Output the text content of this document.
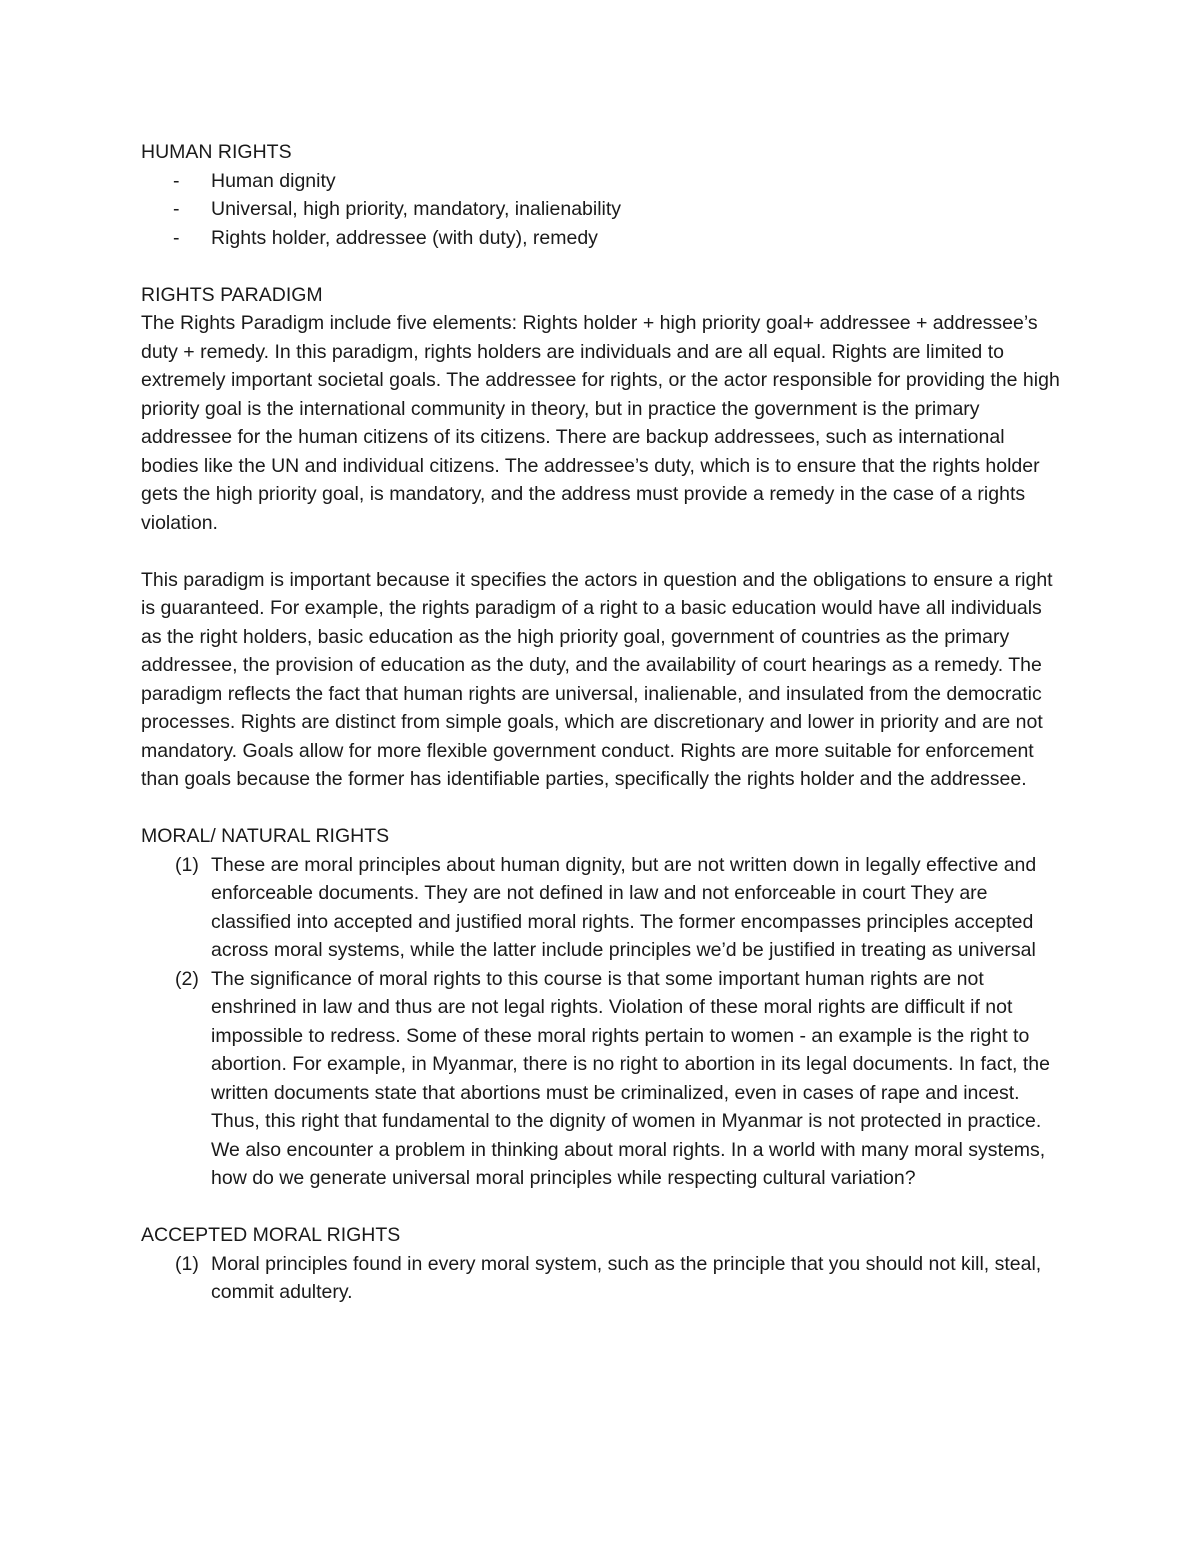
HUMAN RIGHTS

- Human dignity
- Universal, high priority, mandatory, inalienability
- Rights holder, addressee (with duty), remedy

RIGHTS PARADIGM

The Rights Paradigm include five elements: Rights holder + high priority goal+ addressee + addressee’s duty + remedy. In this paradigm, rights holders are individuals and are all equal. Rights are limited to extremely important societal goals. The addressee for rights, or the actor responsible for providing the high priority goal is the international community in theory, but in practice the government is the primary addressee for the human citizens of its citizens. There are backup addressees, such as international bodies like the UN and individual citizens. The addressee’s duty, which is to ensure that the rights holder gets the high priority goal, is mandatory, and the address must provide a remedy in the case of a rights violation.

This paradigm is important because it specifies the actors in question and the obligations to ensure a right is guaranteed. For example, the rights paradigm of a right to a basic education would have all individuals as the right holders, basic education as the high priority goal, government of countries as the primary addressee, the provision of education as the duty, and the availability of court hearings as a remedy. The paradigm reflects the fact that human rights are universal, inalienable, and insulated from the democratic processes. Rights are distinct from simple goals, which are discretionary and lower in priority and are not mandatory. Goals allow for more flexible government conduct. Rights are more suitable for enforcement than goals because the former has identifiable parties, specifically the rights holder and the addressee.

MORAL/ NATURAL RIGHTS

(1) These are moral principles about human dignity, but are not written down in legally effective and enforceable documents. They are not defined in law and not enforceable in court They are classified into accepted and justified moral rights. The former encompasses principles accepted across moral systems, while the latter include principles we’d be justified in treating as universal
(2) The significance of moral rights to this course is that some important human rights are not enshrined in law and thus are not legal rights. Violation of these moral rights are difficult if not impossible to redress. Some of these moral rights pertain to women - an example is the right to abortion. For example, in Myanmar, there is no right to abortion in its legal documents. In fact, the written documents state that abortions must be criminalized, even in cases of rape and incest. Thus, this right that fundamental to the dignity of women in Myanmar is not protected in practice. We also encounter a problem in thinking about moral rights. In a world with many moral systems, how do we generate universal moral principles while respecting cultural variation?

ACCEPTED MORAL RIGHTS

(1) Moral principles found in every moral system, such as the principle that you should not kill, steal, commit adultery.
